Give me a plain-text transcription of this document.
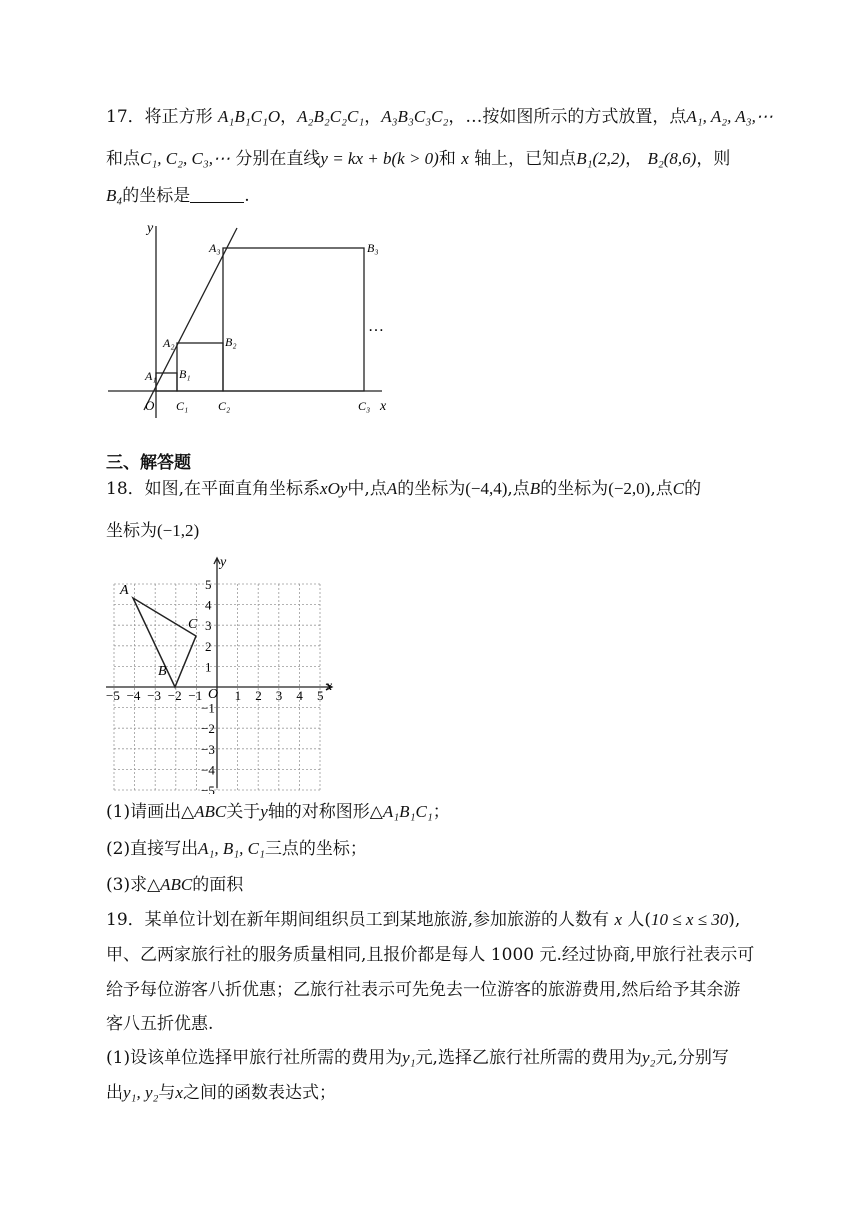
17．将正方形 A₁B₁C₁O，A₂B₂C₂C₁，A₃B₃C₃C₂，…按如图所示的方式放置，点A₁, A₂, A₃,⋯
和点C₁, C₂, C₃,⋯ 分别在直线y = kx + b(k > 0)和 x 轴上，已知点B₁(2,2)， B₂(8,6)，则
B₄的坐标是	.
y
x
O
A₁ B₁
C₁
A₂	B₂
C₂
A₃	B₃
C₃
…
三、解答题
18．如图,在平面直角坐标系xOy中,点A的坐标为(−4,4),点B的坐标为(−2,0),点C的
坐标为(−1,2)
−5 −4 −3 −2 −1 1 2 3 4 5
5
4
3
2
1
−1
−2
−3
−4
−5
O
x
y
A
B
C
(1)请画出△ABC关于y轴的对称图形△A₁B₁C₁；
(2)直接写出A₁, B₁, C₁三点的坐标；
(3)求△ABC的面积
19．某单位计划在新年期间组织员工到某地旅游,参加旅游的人数有 x 人(10 ≤ x ≤ 30),
甲、乙两家旅行社的服务质量相同,且报价都是每人 1000 元.经过协商,甲旅行社表示可
给予每位游客八折优惠；乙旅行社表示可先免去一位游客的旅游费用,然后给予其余游
客八五折优惠.
(1)设该单位选择甲旅行社所需的费用为y₁元,选择乙旅行社所需的费用为y₂元,分别写
出y₁, y₂与x之间的函数表达式；
